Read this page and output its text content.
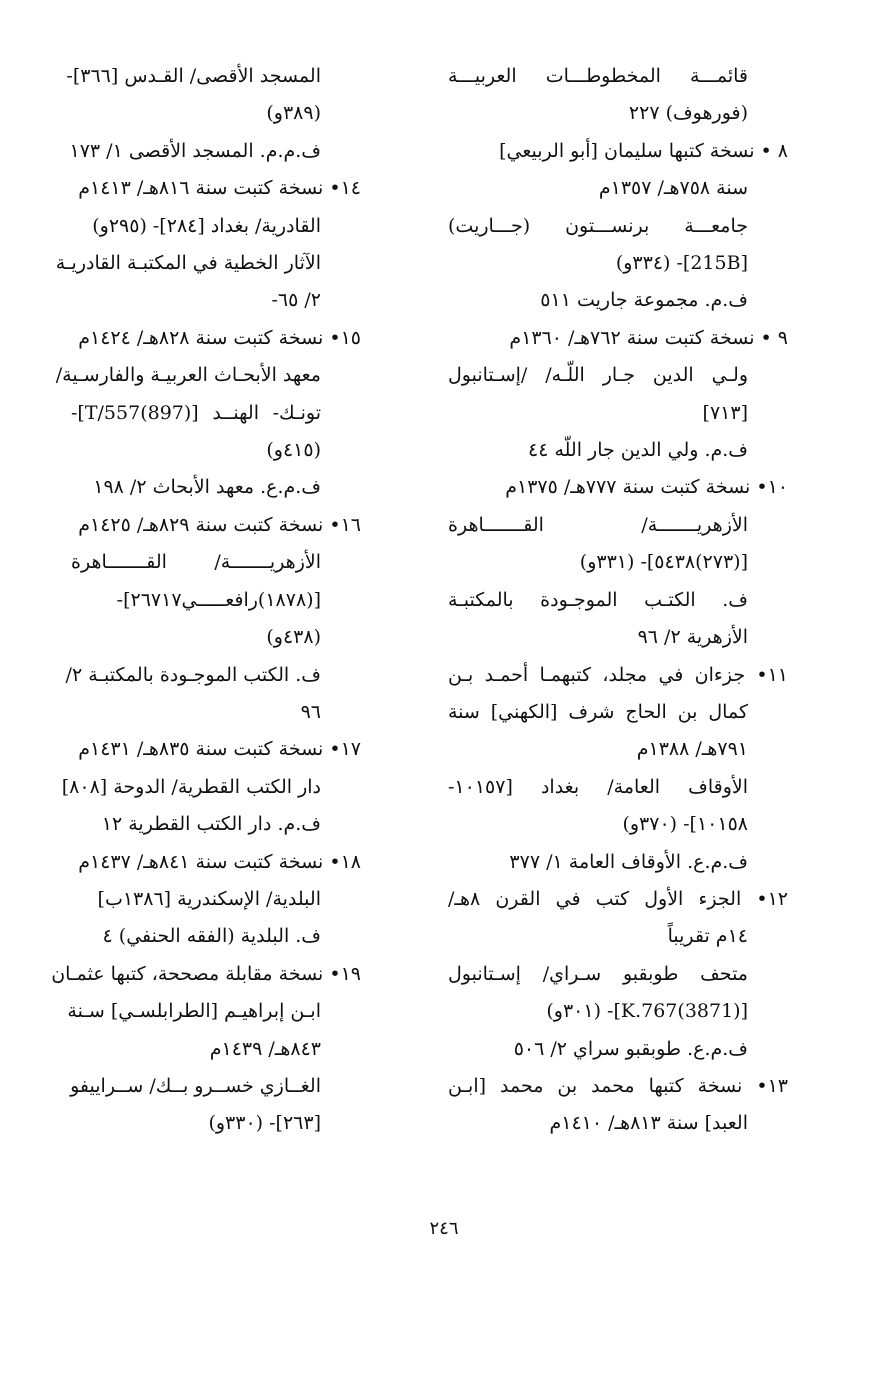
قائمـــة المخطوطـــات العربيـــة
(فورهوف) ٢٢٧
٨ • نسخة كتبها سليمان [أبو الربيعي]
سنة ٧٥٨هـ/ ١٣٥٧م
جامعـــة برنســـتون (جـــاريت)
[215B]- (٣٣٤و)
ف.م. مجموعة جاريت ٥١١
٩ • نسخة كتبت سنة ٧٦٢هـ/ ١٣٦٠م
ولـي الدين جـار اللّـه/ /إسـتانبول
[٧١٣]
ف.م. ولي الدين جار اللّه ٤٤
١٠• نسخة كتبت سنة ٧٧٧هـ/ ١٣٧٥م
الأزهريـــــــة/ القـــــــاهرة
[(٢٧٣)٥٤٣٨]- (٣٣١و)
ف. الكتـب الموجـودة بالمكتبـة
الأزهرية ٢/ ٩٦
١١• جزءان في مجلد، كتبهمـا أحمـد بـن
كمال بن الحاج شرف [الكهني] سنة
٧٩١هـ/ ١٣٨٨م
الأوقاف العامة/ بغداد [١٠١٥٧-
١٠١٥٨]- (٣٧٠و)
ف.م.ع. الأوقاف العامة ١/ ٣٧٧
١٢• الجزء الأول كتب في القرن ٨هـ/
١٤م تقريباً
متحف طوبقبو سـراي/ إسـتانبول
[(3871)K.767]- (٣٠١و)
ف.م.ع. طوبقبو سراي ٢/ ٥٠٦
١٣• نسخة كتبها محمد بن محمد [ابـن
العبد] سنة ٨١٣هـ/ ١٤١٠م
المسجد الأقصى/ القـدس [٣٦٦]-
(٣٨٩و)
ف.م.م. المسجد الأقصى ١/ ١٧٣
١٤• نسخة كتبت سنة ٨١٦هـ/ ١٤١٣م
القادرية/ بغداد [٢٨٤]- (٢٩٥و)
الآثار الخطية في المكتبـة القادريـة
٢/ ٦٥-
١٥• نسخة كتبت سنة ٨٢٨هـ/ ١٤٢٤م
معهد الأبحـاث العربيـة والفارسـية/
تونـك- الهنــد [(897)T/557]-
(٤١٥و)
ف.م.ع. معهد الأبحاث ٢/ ١٩٨
١٦• نسخة كتبت سنة ٨٢٩هـ/ ١٤٢٥م
الأزهريـــــــة/ القـــــــاهرة
[(١٨٧٨)رافعـــــي٢٦٧١٧]-
(٤٣٨و)
ف. الكتب الموجـودة بالمكتبـة ٢/
٩٦
١٧• نسخة كتبت سنة ٨٣٥هـ/ ١٤٣١م
دار الكتب القطرية/ الدوحة [٨٠٨]
ف.م. دار الكتب القطرية ١٢
١٨• نسخة كتبت سنة ٨٤١هـ/ ١٤٣٧م
البلدية/ الإسكندرية [١٣٨٦ب]
ف. البلدية (الفقه الحنفي) ٤
١٩• نسخة مقابلة مصححة، كتبها عثمـان
ابـن إبراهيـم [الطرابلسـي] سـنة
٨٤٣هـ/ ١٤٣٩م
الغــازي خســرو بــك/ ســراييفو
[٢٦٣]- (٣٣٠و)
٢٤٦
